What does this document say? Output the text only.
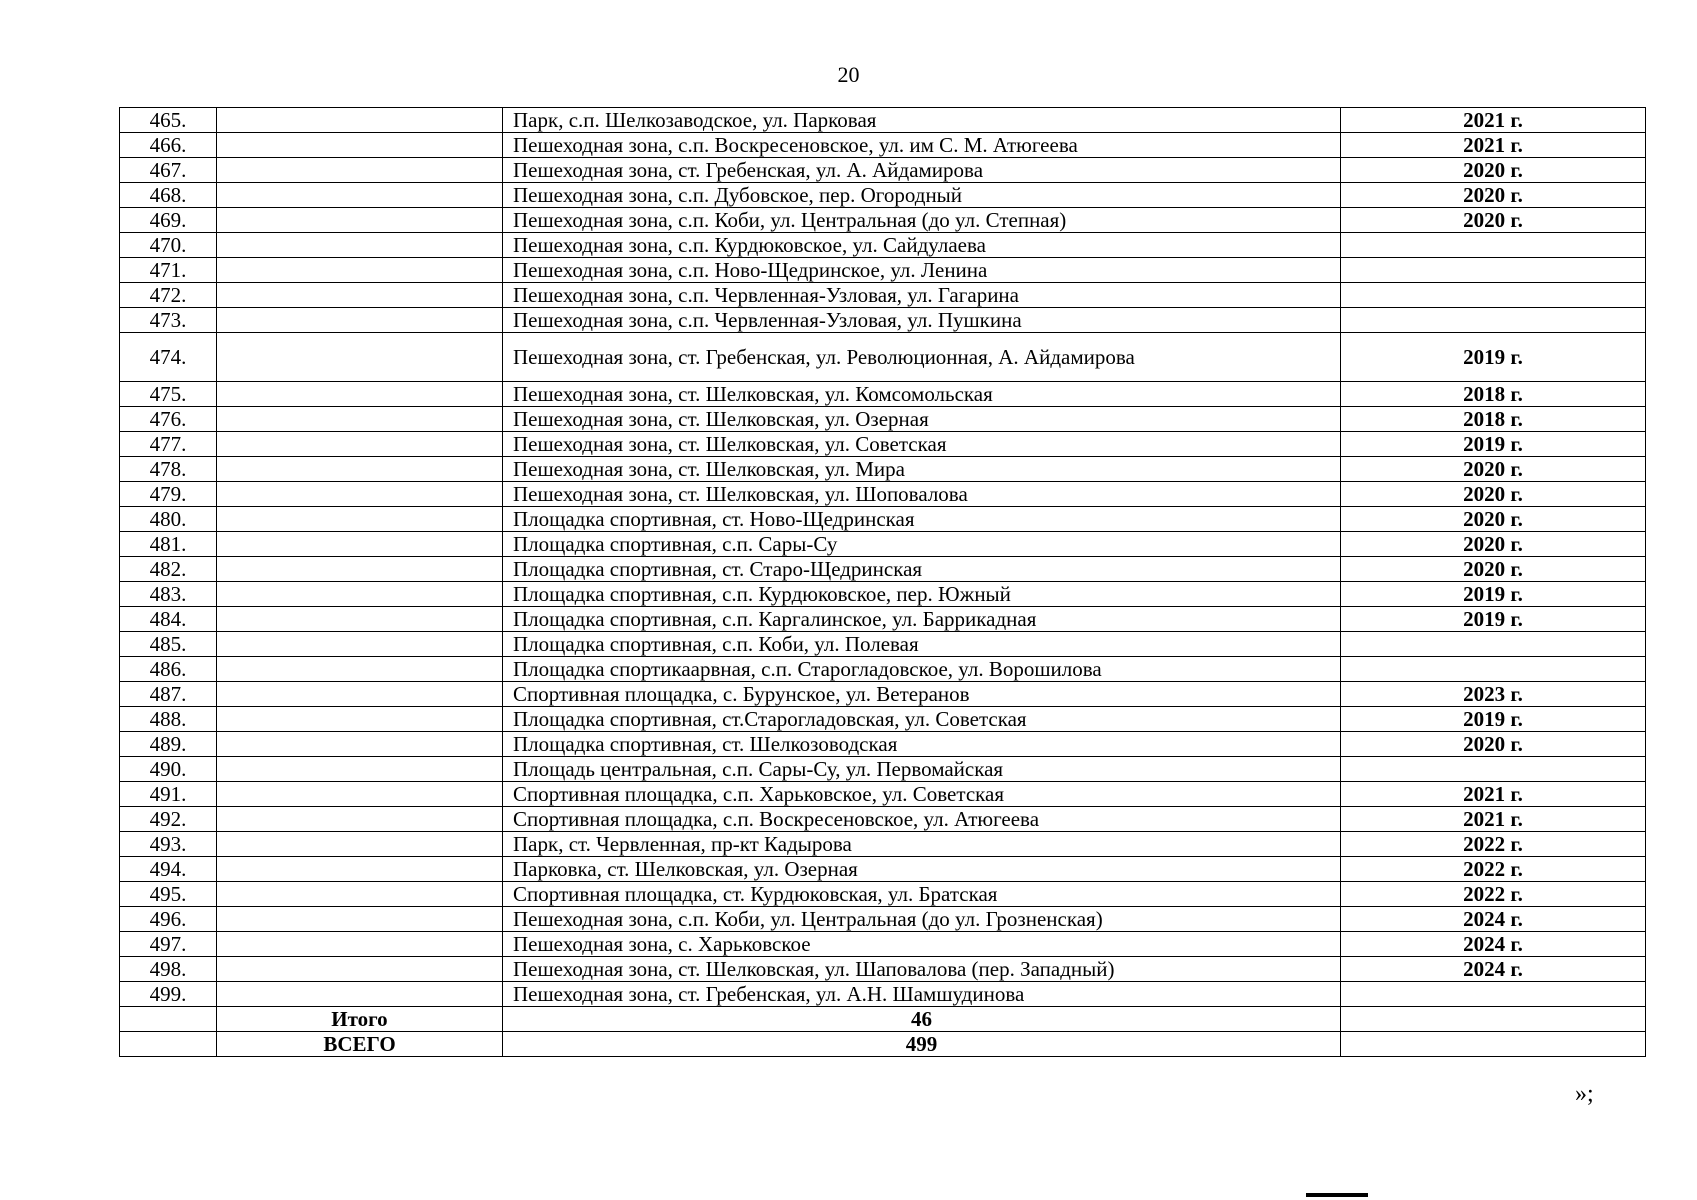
20
465.		Парк, с.п. Шелкозаводское, ул. Парковая	2021 г.
466.		Пешеходная зона, с.п. Воскресеновское, ул. им С. М. Атюгеева	2021 г.
467.		Пешеходная зона, ст. Гребенская, ул. А. Айдамирова	2020 г.
468.		Пешеходная зона, с.п. Дубовское, пер. Огородный	2020 г.
469.		Пешеходная зона, с.п. Коби, ул. Центральная (до ул. Степная)	2020 г.
470.		Пешеходная зона, с.п. Курдюковское, ул. Сайдулаева	
471.		Пешеходная зона, с.п. Ново-Щедринское, ул. Ленина	
472.		Пешеходная зона, с.п. Червленная-Узловая, ул. Гагарина	
473.		Пешеходная зона, с.п. Червленная-Узловая, ул. Пушкина	
474.		Пешеходная зона, ст. Гребенская, ул. Революционная, А. Айдамирова	2019 г.
475.		Пешеходная зона, ст. Шелковская, ул. Комсомольская	2018 г.
476.		Пешеходная зона, ст. Шелковская, ул. Озерная	2018 г.
477.		Пешеходная зона, ст. Шелковская, ул. Советская	2019 г.
478.		Пешеходная зона, ст. Шелковская, ул. Мира	2020 г.
479.		Пешеходная зона, ст. Шелковская, ул. Шоповалова	2020 г.
480.		Площадка спортивная, ст. Ново-Щедринская	2020 г.
481.		Площадка спортивная, с.п. Сары-Су	2020 г.
482.		Площадка спортивная, ст. Старо-Щедринская	2020 г.
483.		Площадка спортивная, с.п. Курдюковское, пер. Южный	2019 г.
484.		Площадка спортивная, с.п. Каргалинское, ул. Баррикадная	2019 г.
485.		Площадка спортивная, с.п. Коби, ул. Полевая	
486.		Площадка спортикаарвная, с.п. Старогладовское, ул. Ворошилова	
487.		Спортивная площадка, с. Бурунское, ул. Ветеранов	2023 г.
488.		Площадка спортивная, ст.Старогладовская, ул. Советская	2019 г.
489.		Площадка спортивная, ст. Шелкозоводская	2020 г.
490.		Площадь центральная, с.п. Сары-Су, ул. Первомайская	
491.		Спортивная площадка, с.п. Харьковское, ул. Советская	2021 г.
492.		Спортивная площадка, с.п. Воскресеновское, ул. Атюгеева	2021 г.
493.		Парк, ст. Червленная, пр-кт Кадырова	2022 г.
494.		Парковка, ст. Шелковская, ул. Озерная	2022 г.
495.		Спортивная площадка, ст. Курдюковская, ул. Братская	2022 г.
496.		Пешеходная зона, с.п. Коби, ул. Центральная (до ул. Грозненская)	2024 г.
497.		Пешеходная зона, с. Харьковское	2024 г.
498.		Пешеходная зона, ст. Шелковская, ул. Шаповалова (пер. Западный)	2024 г.
499.		Пешеходная зона, ст. Гребенская, ул. А.Н. Шамшудинова	
	Итого	46	
	ВСЕГО	499	
»;
